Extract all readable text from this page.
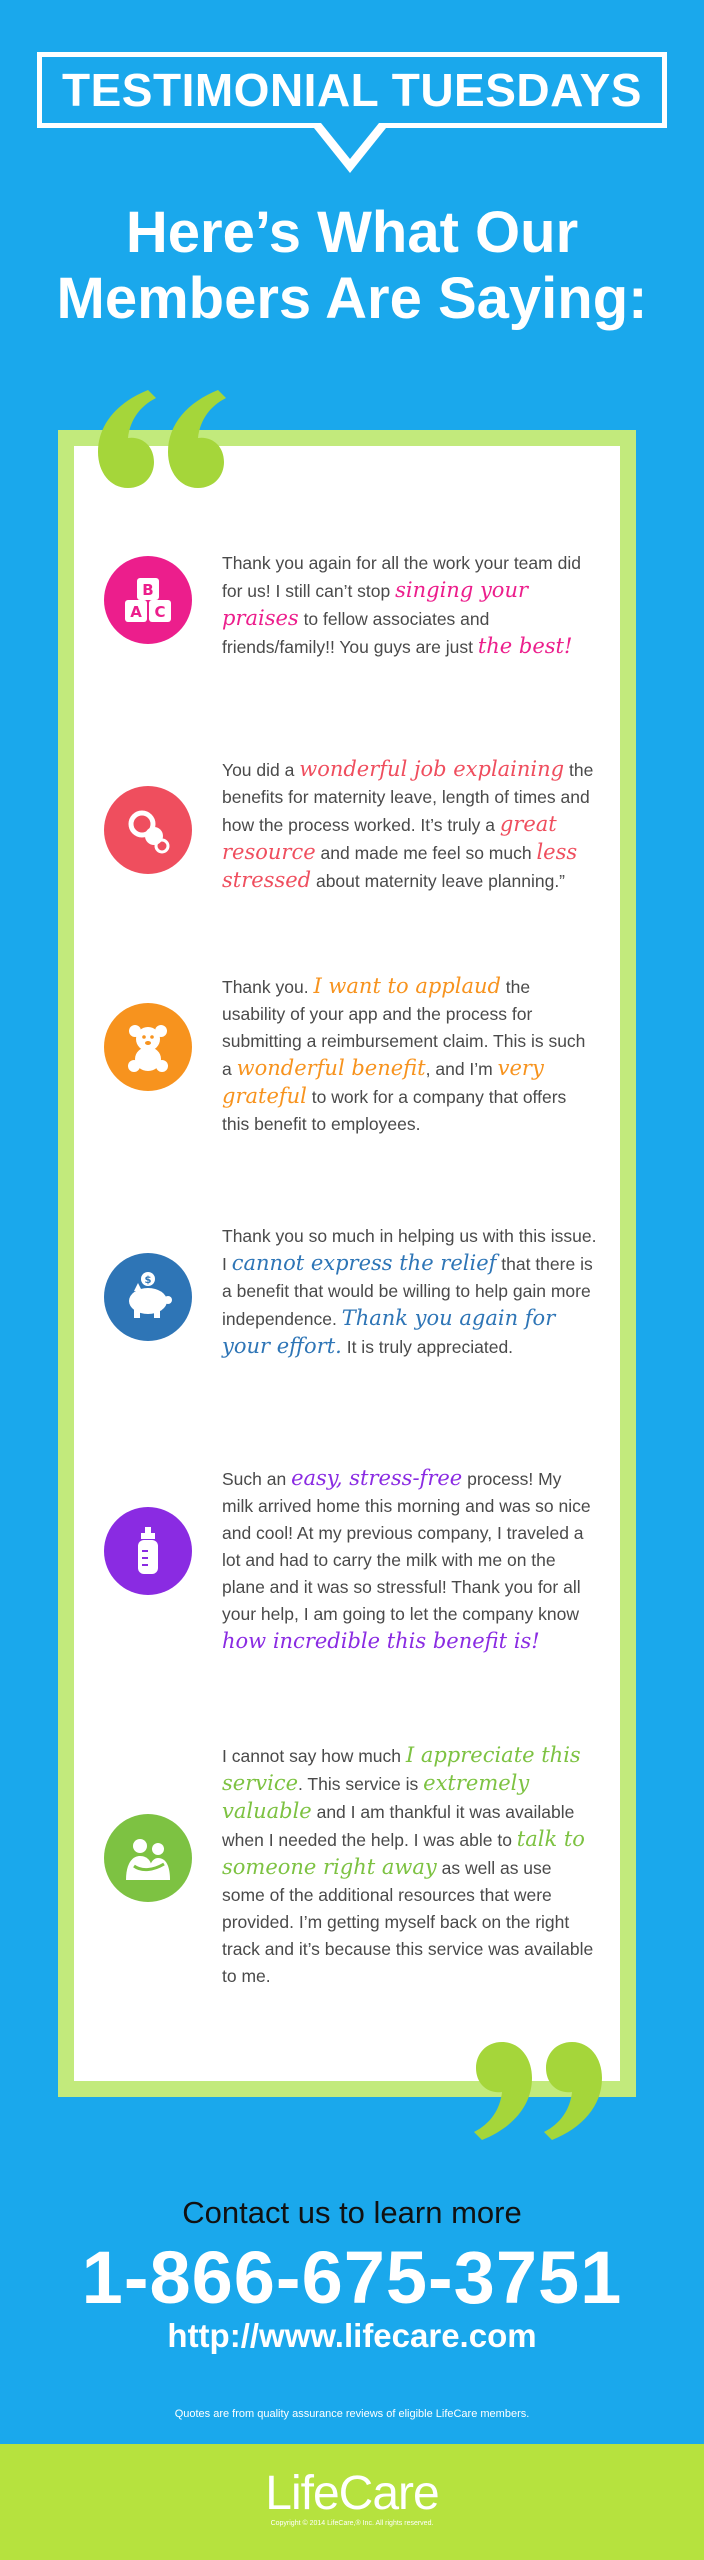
TESTIMONIAL TUESDAYS
Here’s What Our
Members Are Saying:
B
A C
Thank you again for all the work your team did for us! I still can’t stop singing your praises to fellow associates and friends/family!! You guys are just the best!
You did a wonderful job explaining the benefits for maternity leave, length of times and how the process worked. It’s truly a great resource and made me feel so much less stressed about maternity leave planning.”
Thank you. I want to applaud the usability of your app and the process for submitting a reimbursement claim. This is such a wonderful benefit, and I’m very grateful to work for a company that offers this benefit to employees.
$
Thank you so much in helping us with this issue. I cannot express the relief that there is a benefit that would be willing to help gain more independence. Thank you again for your effort. It is truly appreciated.
Such an easy, stress-free process! My milk arrived home this morning and was so nice and cool! At my previous company, I traveled a lot and had to carry the milk with me on the plane and it was so stressful! Thank you for all your help, I am going to let the company know how incredible this benefit is!
I cannot say how much I appreciate this service. This service is extremely valuable and I am thankful it was available when I needed the help. I was able to talk to someone right away as well as use some of the additional resources that were provided. I’m getting myself back on the right track and it’s because this service was available to me.
Contact us to learn more
1-866-675-3751
http://www.lifecare.com
Quotes are from quality assurance reviews of eligible LifeCare members.
LifeCare
Copyright © 2014 LifeCare,® Inc. All rights reserved.
